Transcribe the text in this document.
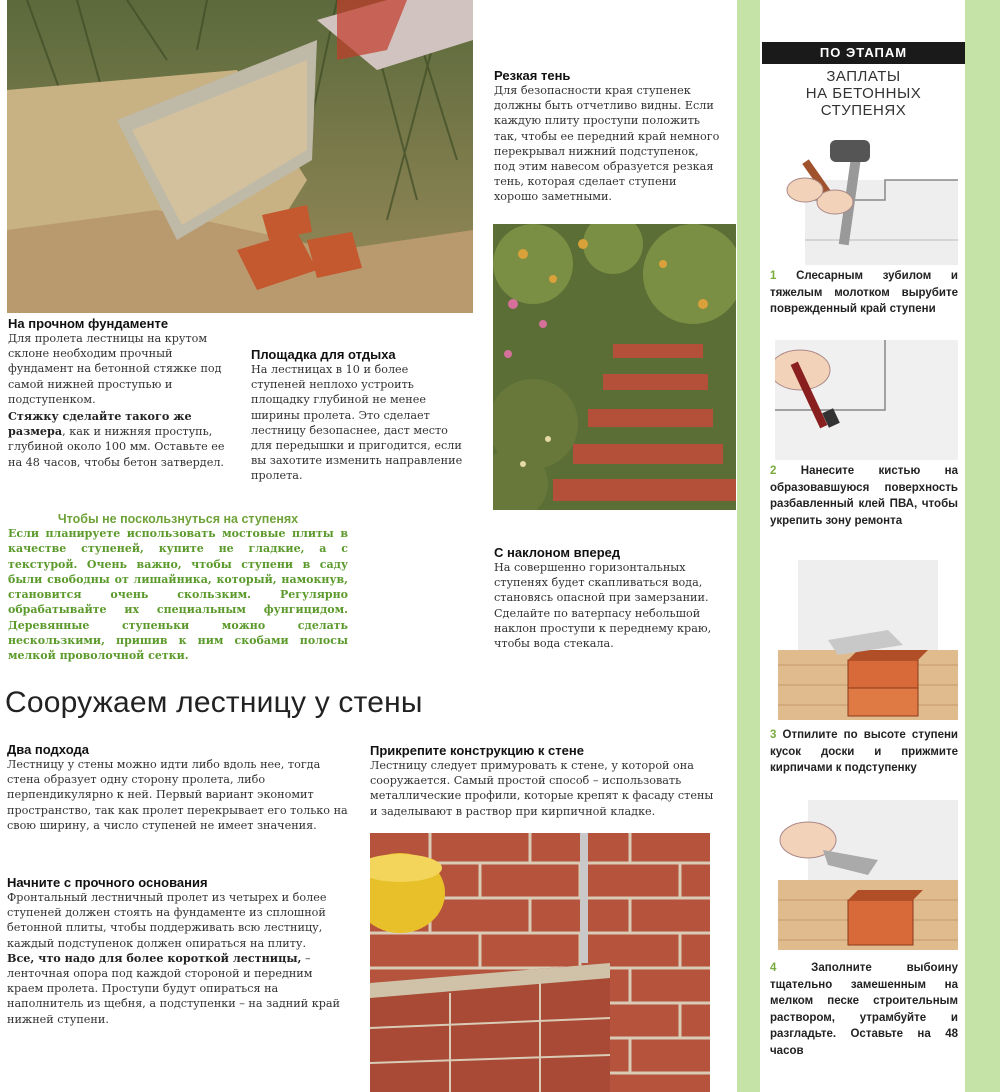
На прочном фундаменте

Для пролета лестницы на крутом склоне необходим прочный фундамент на бетонной стяжке под самой нижней проступью и подступенком.

Стяжку сделайте такого же размера, как и нижняя проступь, глубиной около 100 мм. Оставьте ее на 48 часов, чтобы бетон затвердел.

Площадка для отдыха

На лестницах в 10 и более ступеней неплохо устроить площадку глубиной не менее ширины пролета. Это сделает лестницу безопаснее, даст место для передышки и пригодится, если вы захотите изменить направление пролета.

Резкая тень

Для безопасности края ступенек должны быть отчетливо видны. Если каждую плиту проступи положить так, чтобы ее передний край немного перекрывал нижний подступенок, под этим навесом образуется резкая тень, которая сделает ступени хорошо заметными.

С наклоном вперед

На совершенно горизонтальных ступенях будет скапливаться вода, становясь опасной при замерзании. Сделайте по ватерпасу небольшой наклон проступи к переднему краю, чтобы вода стекала.

Чтобы не поскользнуться на ступенях
Если планируете использовать мостовые плиты в качестве ступеней, купите не гладкие, а с текстурой. Очень важно, чтобы ступени в саду были свободны от лишайника, который, намокнув, становится очень скользким. Регулярно обрабатывайте их специальным фунгицидом. Деревянные ступеньки можно сделать нескользкими, пришив к ним скобами полосы мелкой проволочной сетки.
Сооружаем лестницу у стены
Два подхода

Лестницу у стены можно идти либо вдоль нее, тогда стена образует одну сторону пролета, либо перпендикулярно к ней. Первый вариант экономит пространство, так как пролет перекрывает его только на свою ширину, а число ступеней не имеет значения.

Начните с прочного основания

Фронтальный лестничный пролет из четырех и более ступеней должен стоять на фундаменте из сплошной бетонной плиты, чтобы поддерживать всю лестницу, каждый подступенок должен опираться на плиту.

Все, что надо для более короткой лестницы, – ленточная опора под каждой стороной и передним краем пролета. Проступи будут опираться на наполнитель из щебня, а подступенки – на задний край нижней ступени.

Прикрепите конструкцию к стене

Лестницу следует примуровать к стене, у которой она сооружается. Самый простой способ – использовать металлические профили, которые крепят к фасаду стены и заделывают в раствор при кирпичной кладке.

ПО ЭТАПАМ
ЗАПЛАТЫ
НА БЕТОННЫХ
СТУПЕНЯХ
1 Слесарным зубилом и тяжелым молотком вырубите поврежденный край ступени
2 Нанесите кистью на образовавшуюся поверхность разбавленный клей ПВА, чтобы укрепить зону ремонта
3 Отпилите по высоте ступени кусок доски и прижмите кирпичами к подступенку
4	Заполните выбоину тщательно замешенным на мелком песке строительным раствором, утрамбуйте и разгладьте. Оставьте на 48 часов
